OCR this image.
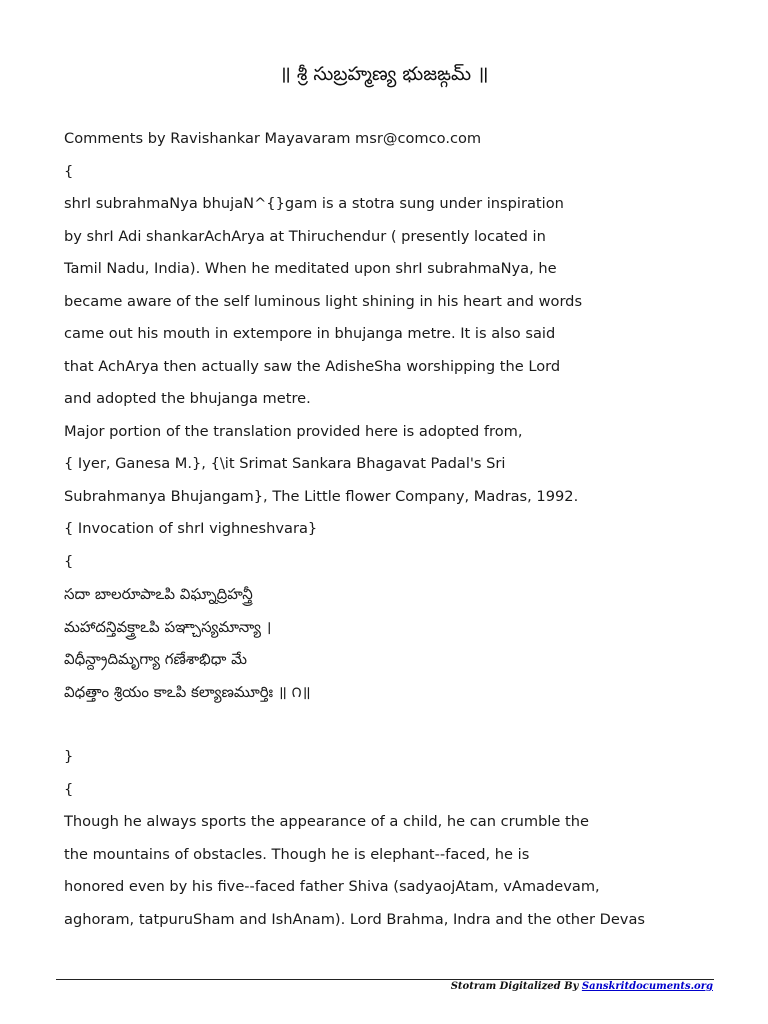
॥ శ్రీ సుబ్రహ్మణ్య భుజఙ్గమ్ ॥
Comments by Ravishankar Mayavaram msr@comco.com
{
shrI subrahmaNya bhujaN^{}gam is a stotra sung under inspiration
by shrI Adi shankarAchArya at Thiruchendur ( presently located in
Tamil Nadu, India). When he meditated upon shrI subrahmaNya, he
became aware of the self luminous light shining in his heart and words
came out his mouth in extempore in bhujanga metre. It is also said
that AchArya then actually saw the AdisheSha worshipping the Lord
and adopted the bhujanga metre.
Major portion of the translation provided here is adopted from,
{ Iyer, Ganesa M.}, {\it Srimat Sankara Bhagavat Padal's Sri
Subrahmanya Bhujangam}, The Little flower Company, Madras, 1992.
{ Invocation of shrI vighneshvara}
{
సదా బాలరూపాఽపి విఘ్నాద్రిహన్త్రీ
మహాదన్తివక్త్రాఽపి పఞ్చాస్యమాన్యా ।
విధీన్ద్రాదిమృగ్యా గణేశాభిధా మే
విధత్తాం శ్రియం కాఽపి కల్యాణమూర్తిః ॥ ౧॥
}
{
Though he always sports the appearance of a child, he can crumble the
the mountains of obstacles. Though he is elephant--faced, he is
honored even by his five--faced father Shiva (sadyaojAtam, vAmadevam,
aghoram, tatpuruSham and IshAnam). Lord Brahma, Indra and the other Devas
Stotram Digitalized By Sanskritdocuments.org
